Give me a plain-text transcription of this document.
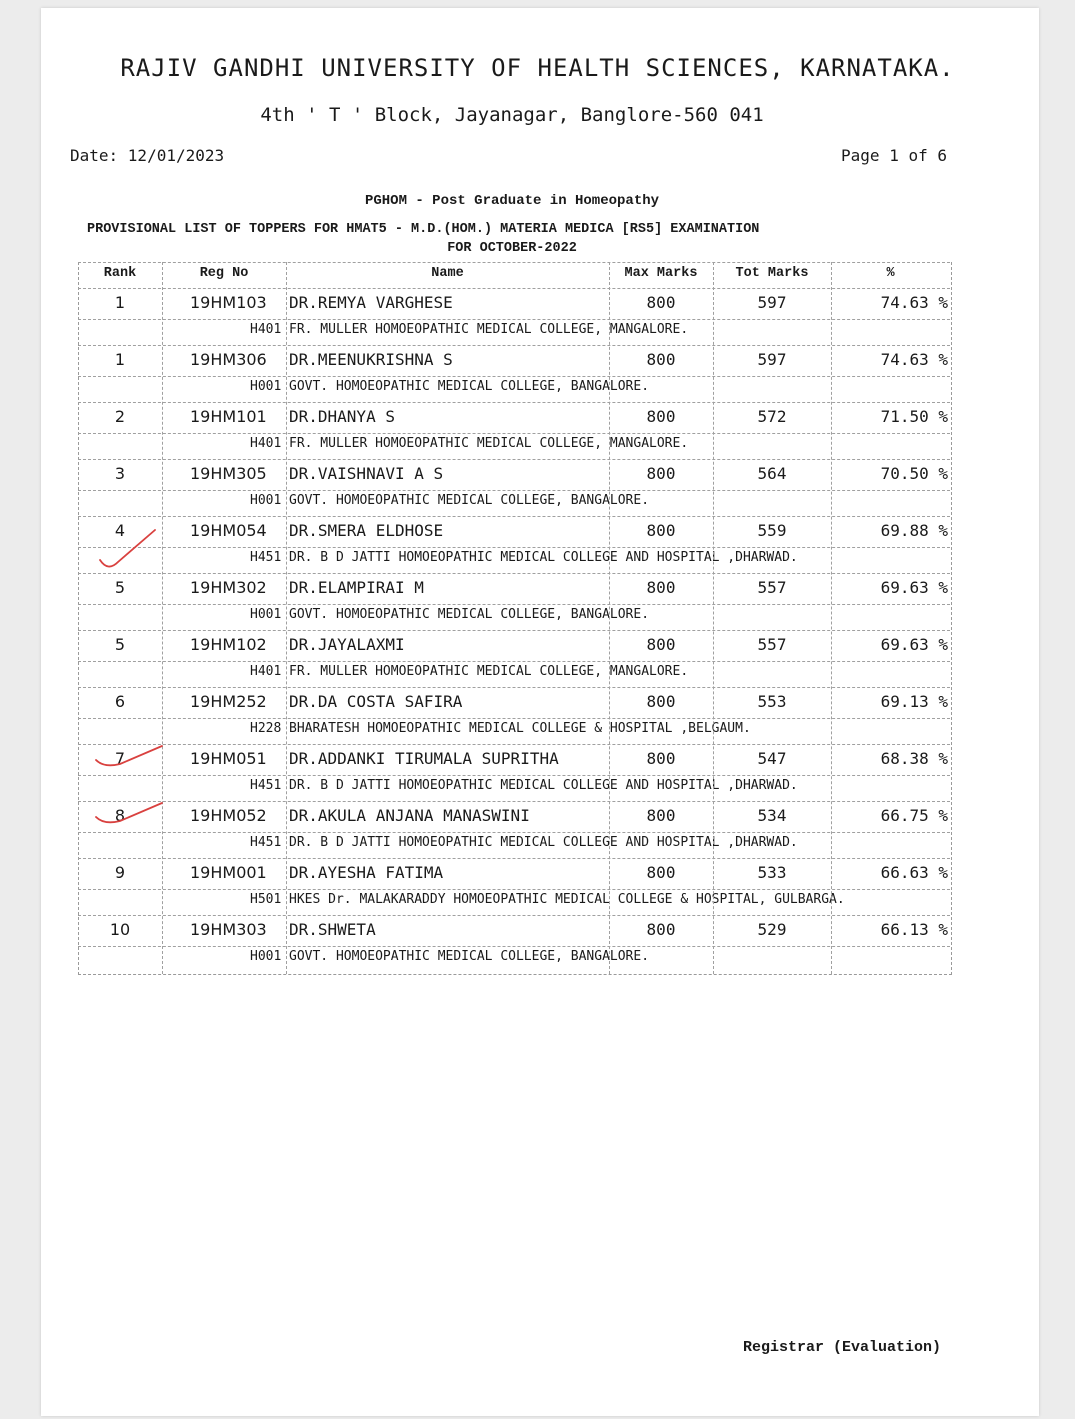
RAJIV GANDHI UNIVERSITY OF HEALTH SCIENCES, KARNATAKA.
4th ' T ' Block, Jayanagar, Banglore-560 041
Date: 12/01/2023	Page 1 of 6
PGHOM - Post Graduate in Homeopathy
PROVISIONAL LIST OF TOPPERS FOR HMAT5 - M.D.(HOM.) MATERIA MEDICA [RS5] EXAMINATION
FOR OCTOBER-2022
Rank	Reg No	Name	Max Marks	Tot Marks	%
Registrar (Evaluation)
1	19HM103 DR.REMYA VARGHESE	800	597	74.63 %
H401 FR. MULLER HOMOEOPATHIC MEDICAL COLLEGE, MANGALORE.
1	19HM306 DR.MEENUKRISHNA S	800	597	74.63 %
H001 GOVT. HOMOEOPATHIC MEDICAL COLLEGE, BANGALORE.
2	19HM101 DR.DHANYA S	800	572	71.50 %
H401 FR. MULLER HOMOEOPATHIC MEDICAL COLLEGE, MANGALORE.
3	19HM305 DR.VAISHNAVI A S	800	564	70.50 %
H001 GOVT. HOMOEOPATHIC MEDICAL COLLEGE, BANGALORE.
4	19HM054 DR.SMERA ELDHOSE	800	559	69.88 %
H451 DR. B D JATTI HOMOEOPATHIC MEDICAL COLLEGE AND HOSPITAL ,DHARWAD.
5	19HM302 DR.ELAMPIRAI M	800	557	69.63 %
H001 GOVT. HOMOEOPATHIC MEDICAL COLLEGE, BANGALORE.
5	19HM102 DR.JAYALAXMI	800	557	69.63 %
H401 FR. MULLER HOMOEOPATHIC MEDICAL COLLEGE, MANGALORE.
6	19HM252 DR.DA COSTA SAFIRA	800	553	69.13 %
H228 BHARATESH HOMOEOPATHIC MEDICAL COLLEGE & HOSPITAL ,BELGAUM.
7	19HM051 DR.ADDANKI TIRUMALA SUPRITHA	800	547	68.38 %
H451 DR. B D JATTI HOMOEOPATHIC MEDICAL COLLEGE AND HOSPITAL ,DHARWAD.
8	19HM052 DR.AKULA ANJANA MANASWINI	800	534	66.75 %
H451 DR. B D JATTI HOMOEOPATHIC MEDICAL COLLEGE AND HOSPITAL ,DHARWAD.
9	19HM001 DR.AYESHA FATIMA	800	533	66.63 %
H501 HKES Dr. MALAKARADDY HOMOEOPATHIC MEDICAL COLLEGE & HOSPITAL, GULBARGA.
10	19HM303 DR.SHWETA	800	529	66.13 %
H001 GOVT. HOMOEOPATHIC MEDICAL COLLEGE, BANGALORE.
